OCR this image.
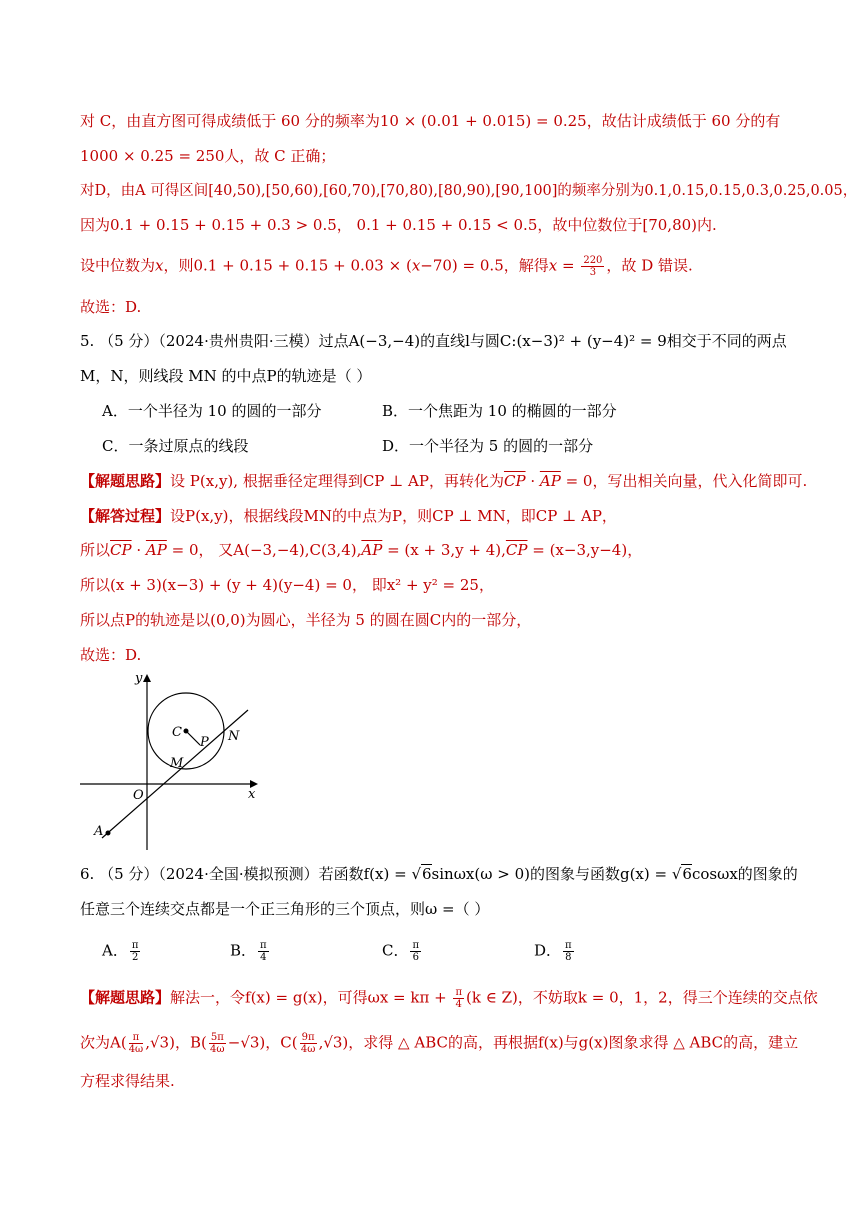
对 C，由直方图可得成绩低于 60 分的频率为10 × (0.01 + 0.015) = 0.25，故估计成绩低于 60 分的有
1000 × 0.25 = 250人，故 C 正确；
对D，由A 可得区间[40,50),[50,60),[60,70),[70,80),[80,90),[90,100]的频率分别为0.1,0.15,0.15,0.3,0.25,0.05，
因为0.1 + 0.15 + 0.15 + 0.3 > 0.5， 0.1 + 0.15 + 0.15 < 0.5，故中位数位于[70,80)内.
设中位数为x，则0.1 + 0.15 + 0.15 + 0.03 × (x−70) = 0.5，解得$x = \frac{220}{3}$ ，故 D 错误.
故选：D.
5. （5 分）（2024·贵州贵阳·三模）过点A(−3,−4)的直线l与圆C:(x−3)² + (y−4)² = 9相交于不同的两点
M，N，则线段 MN 的中点P的轨迹是（ ）
A．一个半径为 10 的圆的一部分	B．一个焦距为 10 的椭圆的一部分
C．一条过原点的线段	D．一个半径为 5 的圆的一部分
【解题思路】设 P(x,y), 根据垂径定理得到CP ⊥ AP，再转化为$\overline{CP} \cdot \overline{AP} = 0$，写出相关向量，代入化简即可.
【解答过程】设P(x,y)，根据线段MN的中点为P，则CP ⊥ MN，即CP ⊥ AP，
所以$\overline{CP} \cdot \overline{AP} = 0$， 又$A(-3,-4),C(3,4),\overline{AP} = (x + 3,y + 4),\overline{CP} = (x-3,y-4)$，
所以(x + 3)(x−3) + (y + 4)(y−4) = 0， 即x² + y² = 25，
所以点P的轨迹是以(0,0)为圆心，半径为 5 的圆在圆C内的一部分，
故选：D.
y
x
O
C
P
M
N
A
6. （5 分）（2024·全国·模拟预测）若函数f(x) = √6sinωx(ω > 0)的图象与函数g(x) = √6cosωx的图象的
任意三个连续交点都是一个正三角形的三个顶点，则ω =（ ）
A． $\frac{\pi}{2}$	B． $\frac{\pi}{4}$	C． $\frac{\pi}{6}$	D． $\frac{\pi}{8}$
【解题思路】解法一，令f(x) = g(x)，可得$\omega x = k\pi + \frac{\pi}{4} (k$ ∈ Z)，不妨取k = 0，1，2，得三个连续的交点依
次为$A( \frac{\pi}{4\omega} ,√3)$，$B( \frac{5\pi}{4\omega} -√3)$，$C( \frac{9\pi}{4\omega} ,√3)$，求得 △ ABC的高，再根据f(x)与g(x)图象求得 △ ABC的高，建立
方程求得结果.
